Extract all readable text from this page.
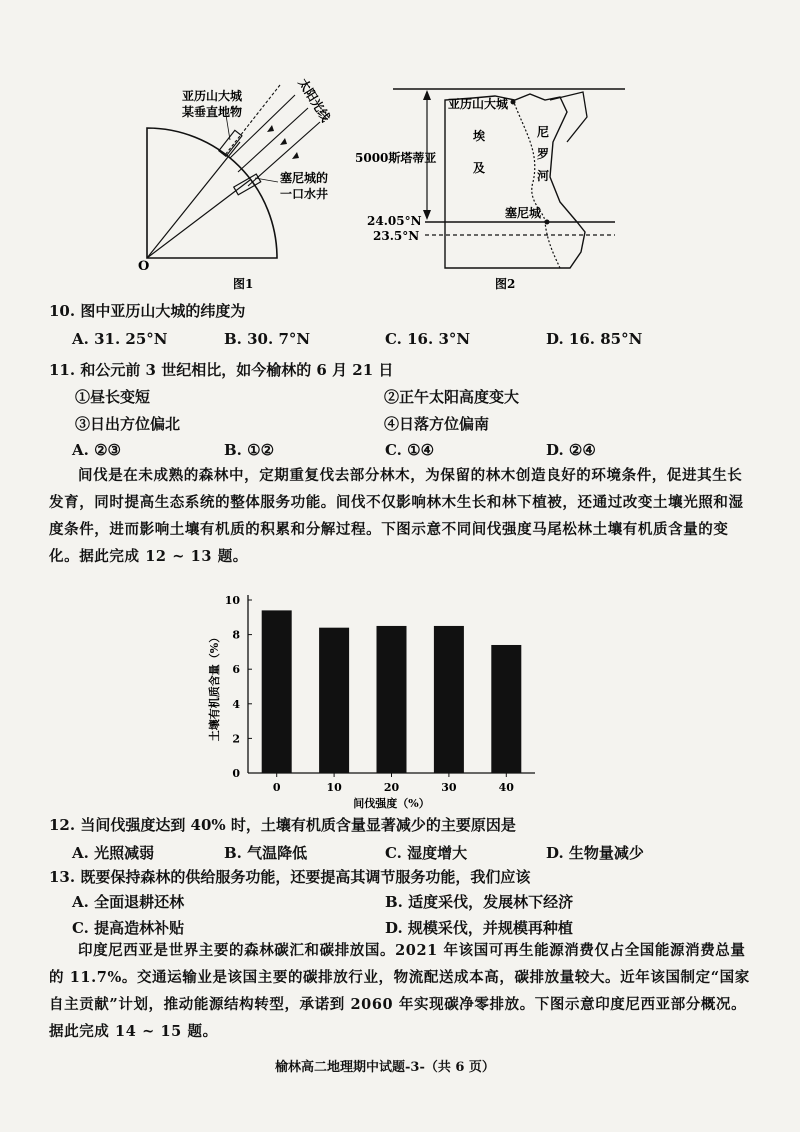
亚历山大城
某垂直地物
塞尼城的
一口水井
太阳光线
O
图1
亚历山大城
埃
及
尼
罗
河
塞尼城
5000斯塔蒂亚
24.05°N
23.5°N
图2
10. 图中亚历山大城的纬度为
A. 31. 25°N	B. 30. 7°N	C. 16. 3°N	D. 16. 85°N
11. 和公元前 3 世纪相比，如今榆林的 6 月 21 日
①昼长变短	②正午太阳高度变大
③日出方位偏北	④日落方位偏南
A. ②③	B. ①②	C. ①④	D. ②④
间伐是在未成熟的森林中，定期重复伐去部分林木，为保留的林木创造良好的环境条件，促进其生长发育，同时提高生态系统的整体服务功能。间伐不仅影响林木生长和林下植被，还通过改变土壤光照和湿度条件，进而影响土壤有机质的积累和分解过程。下图示意不同间伐强度马尾松林土壤有机质含量的变化。据此完成 12 ~ 13 题。
0
2
4
6
8
10
0	10	20	30	40
间伐强度（%）
土壤有机质含量（%）
12. 当间伐强度达到 40% 时，土壤有机质含量显著减少的主要原因是
A. 光照减弱	B. 气温降低	C. 湿度增大	D. 生物量减少
13. 既要保持森林的供给服务功能，还要提高其调节服务功能，我们应该
A. 全面退耕还林	B. 适度采伐，发展林下经济
C. 提高造林补贴	D. 规模采伐，并规模再种植
印度尼西亚是世界主要的森林碳汇和碳排放国。2021 年该国可再生能源消费仅占全国能源消费总量的 11.7%。交通运输业是该国主要的碳排放行业，物流配送成本高，碳排放量较大。近年该国制定“国家自主贡献”计划，推动能源结构转型，承诺到 2060 年实现碳净零排放。下图示意印度尼西亚部分概况。据此完成 14 ~ 15 题。
榆林高二地理期中试题-3-（共 6 页）
